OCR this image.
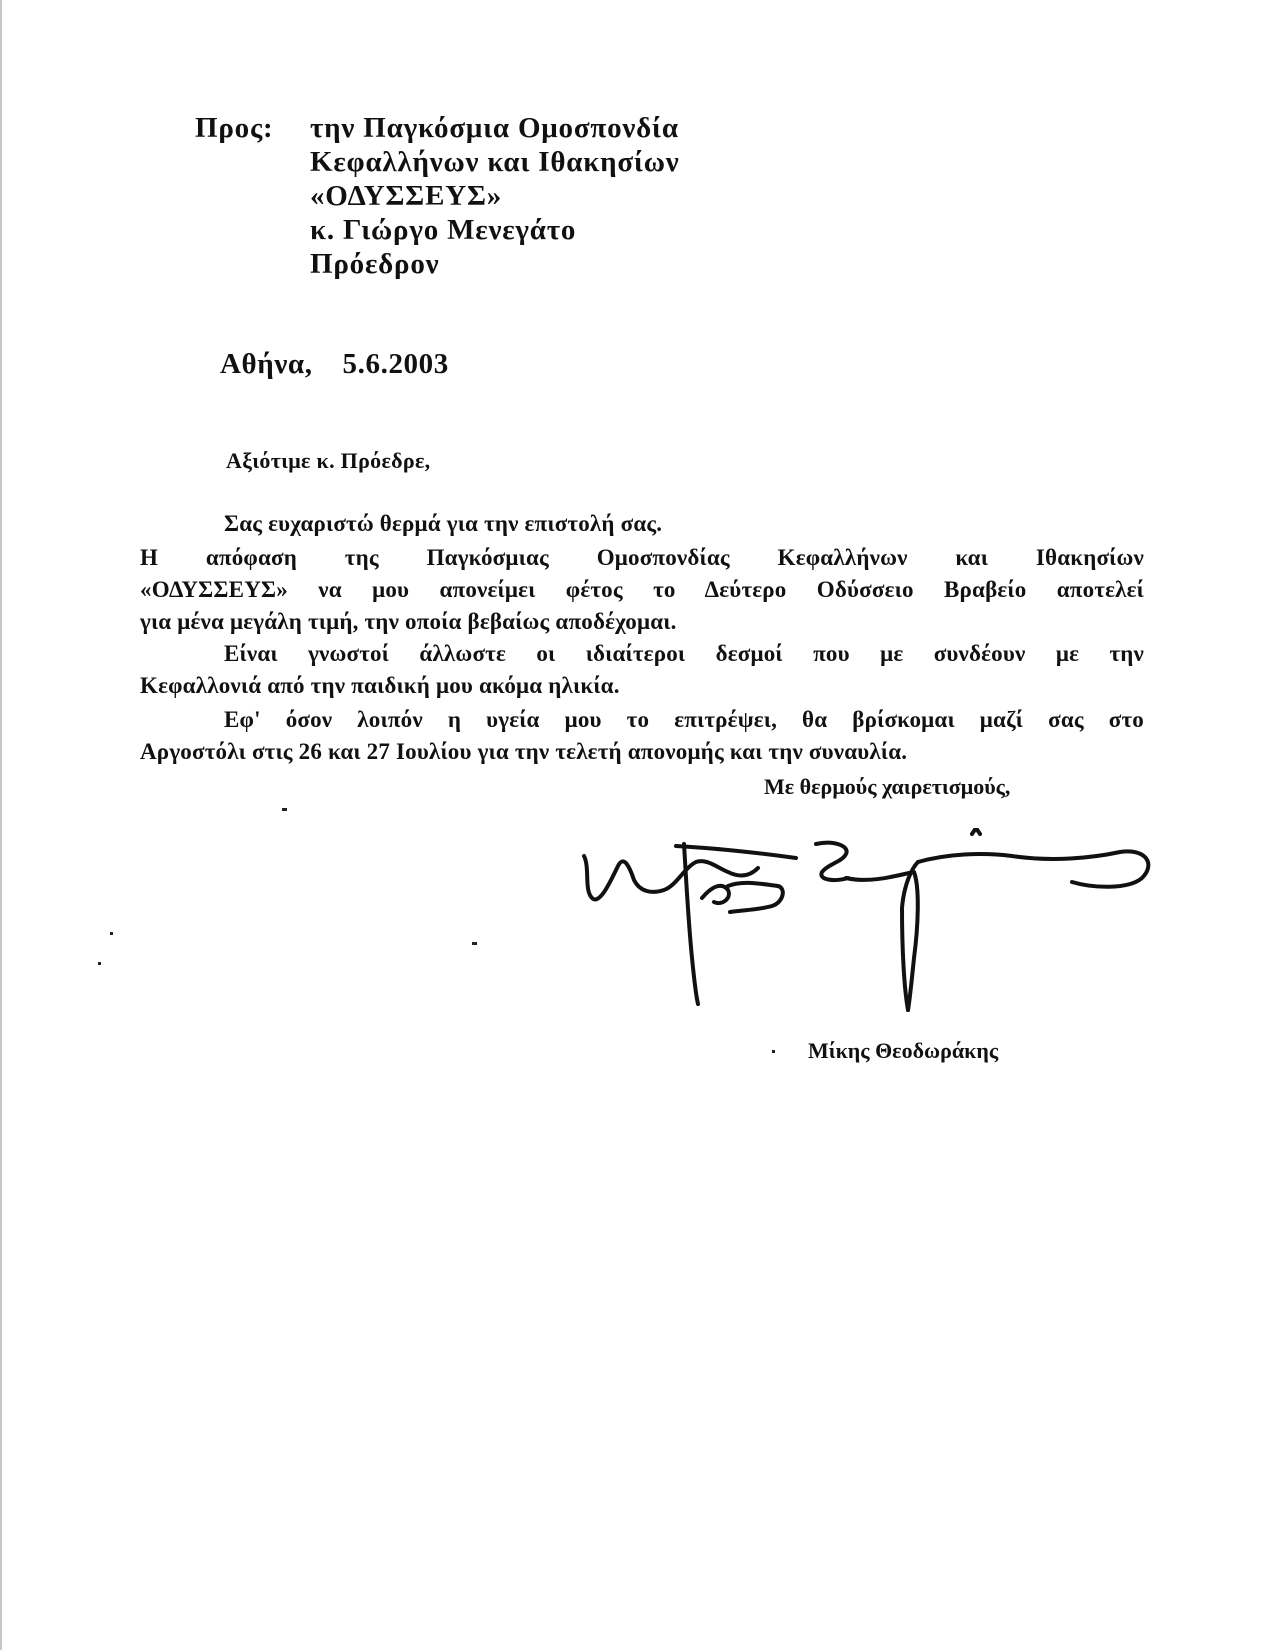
Προς: την Παγκόσμια Ομοσπονδία
Κεφαλλήνων και Ιθακησίων
«ΟΔΥΣΣΕΥΣ»
κ. Γιώργο Μενεγάτο
Πρόεδρον
Αθήνα, 5.6.2003
Αξιότιμε κ. Πρόεδρε,
Σας ευχαριστώ θερμά για την επιστολή σας.
Η απόφαση της Παγκόσμιας Ομοσπονδίας Κεφαλλήνων και Ιθακησίων
«ΟΔΥΣΣΕΥΣ» να μου απονείμει φέτος το Δεύτερο Οδύσσειο Βραβείο αποτελεί
για μένα μεγάλη τιμή, την οποία βεβαίως αποδέχομαι.
Είναι γνωστοί άλλωστε οι ιδιαίτεροι δεσμοί που με συνδέουν με την
Κεφαλλονιά από την παιδική μου ακόμα ηλικία.
Εφ' όσον λοιπόν η υγεία μου το επιτρέψει, θα βρίσκομαι μαζί σας στο
Αργοστόλι στις 26 και 27 Ιουλίου για την τελετή απονομής και την συναυλία.
Με θερμούς χαιρετισμούς,
Μίκης Θεοδωράκης
